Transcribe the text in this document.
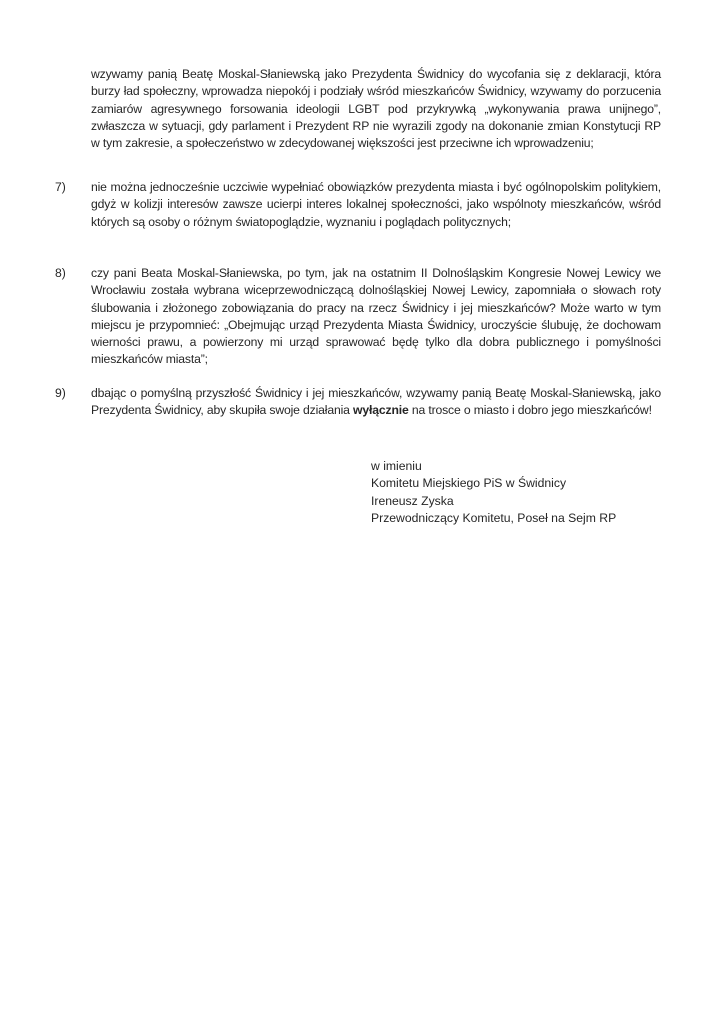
wzywamy panią Beatę Moskal-Słaniewską jako Prezydenta Świdnicy do wycofania się z deklaracji, która burzy ład społeczny, wprowadza niepokój i podziały wśród mieszkańców Świdnicy, wzywamy do porzucenia zamiarów agresywnego forsowania ideologii LGBT pod przykrywką „wykonywania prawa unijnego”, zwłaszcza w sytuacji, gdy parlament i Prezydent RP nie wyrazili zgody na dokonanie zmian Konstytucji RP w tym zakresie, a społeczeństwo w zdecydowanej większości jest przeciwne ich wprowadzeniu;
7)	nie można jednocześnie uczciwie wypełniać obowiązków prezydenta miasta i być ogólnopolskim politykiem, gdyż w kolizji interesów zawsze ucierpi interes lokalnej społeczności, jako wspólnoty mieszkańców, wśród których są osoby o różnym światopoglądzie, wyznaniu i poglądach politycznych;
8)	czy pani Beata Moskal-Słaniewska, po tym, jak na ostatnim II Dolnośląskim Kongresie Nowej Lewicy we Wrocławiu została wybrana wiceprzewodniczącą dolnośląskiej Nowej Lewicy, zapomniała o słowach roty ślubowania i złożonego zobowiązania do pracy na rzecz Świdnicy i jej mieszkańców? Może warto w tym miejscu je przypomnieć: „Obejmując urząd Prezydenta Miasta Świdnicy, uroczyście ślubuję, że dochowam wierności prawu, a powierzony mi urząd sprawować będę tylko dla dobra publicznego i pomyślności mieszkańców miasta”;
9)	dbając o pomyślną przyszłość Świdnicy i jej mieszkańców, wzywamy panią Beatę Moskal-Słaniewską, jako Prezydenta Świdnicy, aby skupiła swoje działania wyłącznie na trosce o miasto i dobro jego mieszkańców!
w imieniu
Komitetu Miejskiego PiS w Świdnicy
Ireneusz Zyska
Przewodniczący Komitetu, Poseł na Sejm RP
